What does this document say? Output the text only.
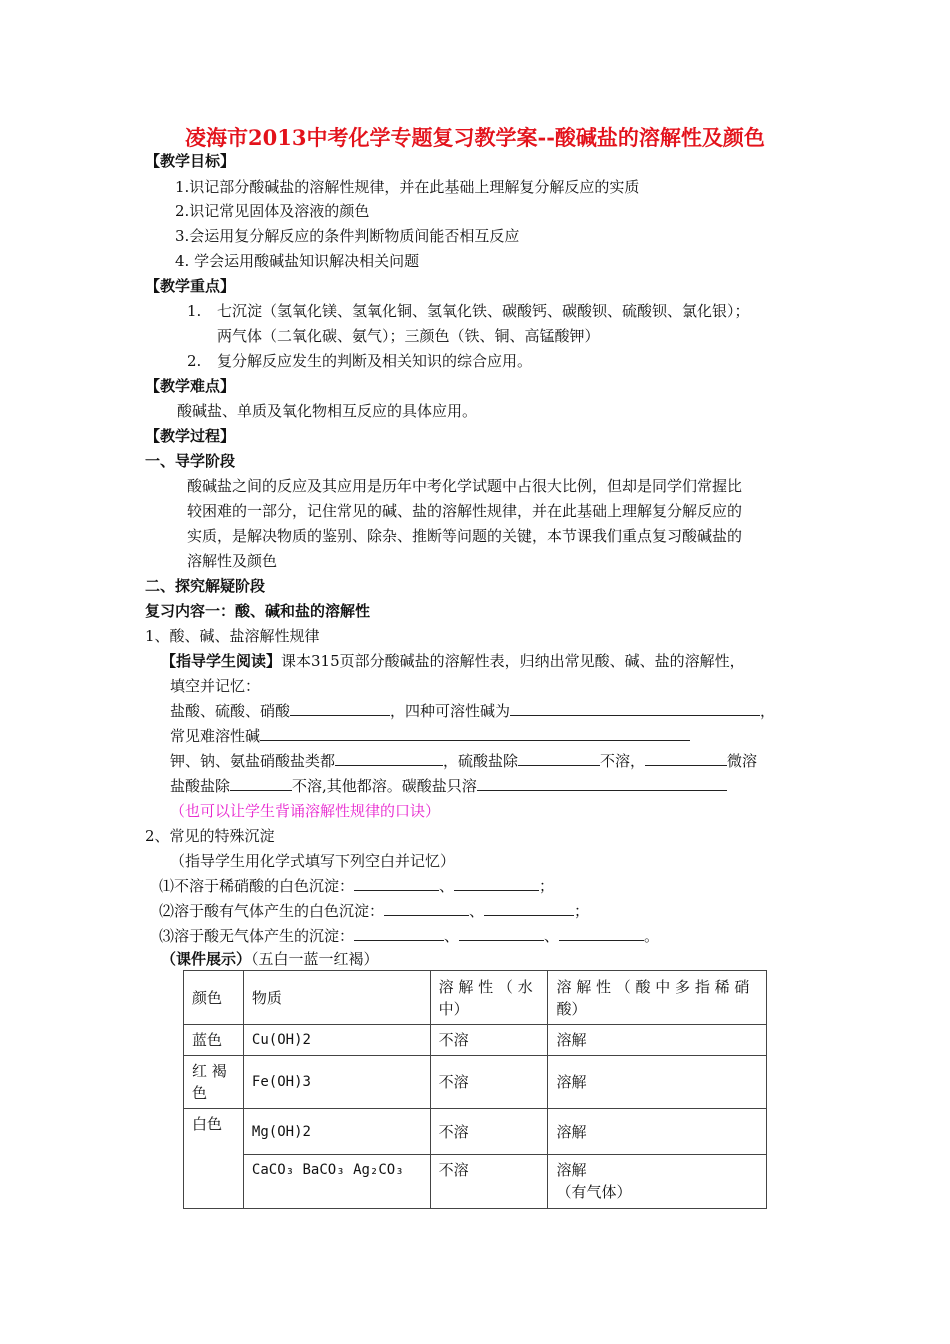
凌海市2013中考化学专题复习教学案--酸碱盐的溶解性及颜色
【教学目标】
1.识记部分酸碱盐的溶解性规律，并在此基础上理解复分解反应的实质
2.识记常见固体及溶液的颜色
3.会运用复分解反应的条件判断物质间能否相互反应
4. 学会运用酸碱盐知识解决相关问题
【教学重点】
1. 七沉淀（氢氧化镁、氢氧化铜、氢氧化铁、碳酸钙、碳酸钡、硫酸钡、氯化银）；
两气体（二氧化碳、氨气）；三颜色（铁、铜、高锰酸钾）
2. 复分解反应发生的判断及相关知识的综合应用。
【教学难点】
酸碱盐、单质及氧化物相互反应的具体应用。
【教学过程】
一、导学阶段
酸碱盐之间的反应及其应用是历年中考化学试题中占很大比例，但却是同学们常握比
较困难的一部分，记住常见的碱、盐的溶解性规律，并在此基础上理解复分解反应的
实质，是解决物质的鉴别、除杂、推断等问题的关键，本节课我们重点复习酸碱盐的
溶解性及颜色
二、探究解疑阶段
复习内容一：酸、碱和盐的溶解性
1、酸、碱、盐溶解性规律
【指导学生阅读】课本315页部分酸碱盐的溶解性表，归纳出常见酸、碱、盐的溶解性，
填空并记忆：
盐酸、硫酸、硝酸	，四种可溶性碱为	，
常见难溶性碱
钾、钠、氨盐硝酸盐类都	，硫酸盐除	不溶，	微溶
盐酸盐除	不溶,其他都溶。碳酸盐只溶
（也可以让学生背诵溶解性规律的口诀）
2、常见的特殊沉淀
（指导学生用化学式填写下列空白并记忆）
⑴不溶于稀硝酸的白色沉淀：	、	；
⑵溶于酸有气体产生的白色沉淀：	、	；
⑶溶于酸无气体产生的沉淀：	、	、	。
（课件展示）（五白一蓝一红褐）
颜色	物质	溶 解 性 （ 水
中）	溶 解 性 （ 酸 中 多 指 稀 硝
酸）
蓝色	Cu(OH)2	不溶	溶解
红 褐
色	Fe(OH)3	不溶	溶解
白色	Mg(OH)2	不溶	溶解
	CaCO₃ BaCO₃ Ag₂CO₃	不溶	溶解
（有气体）
